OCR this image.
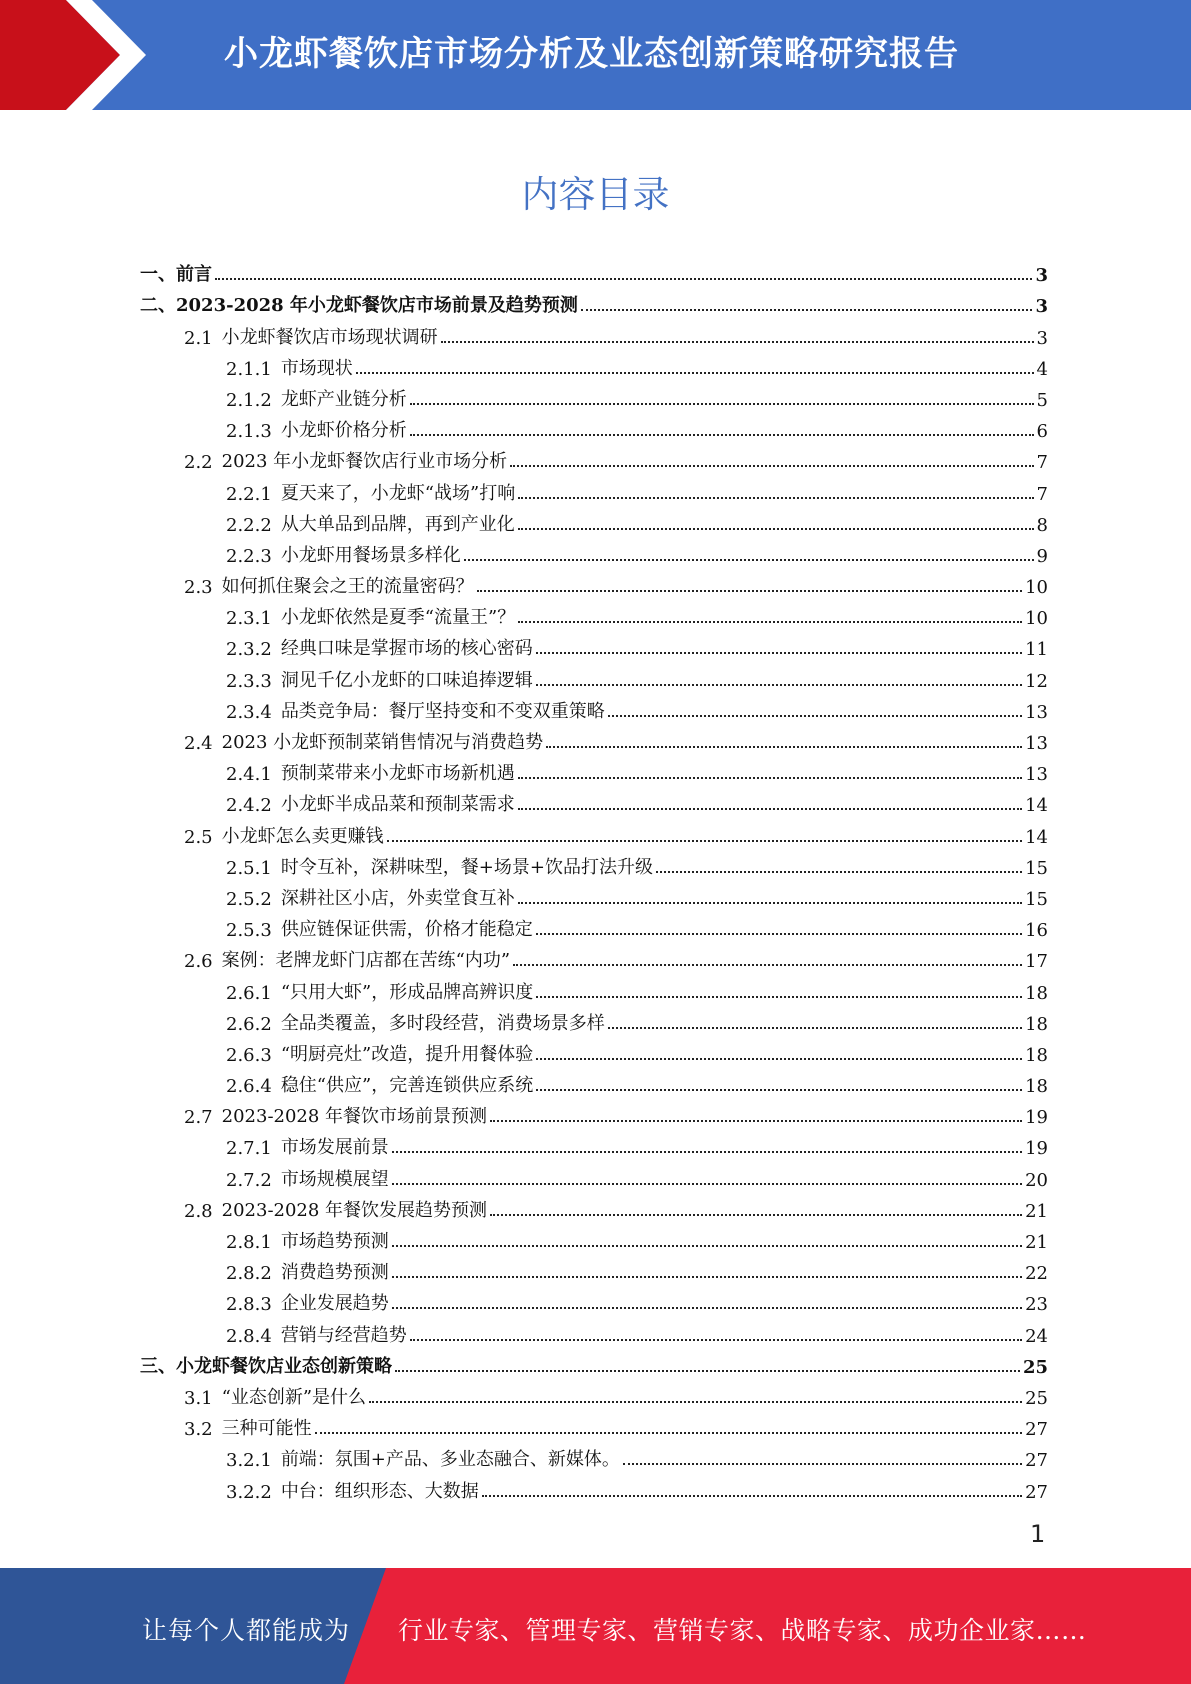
小龙虾餐饮店市场分析及业态创新策略研究报告
内容目录
一、 前言	3
二、 2023-2028 年小龙虾餐饮店市场前景及趋势预测	3
2.1 小龙虾餐饮店市场现状调研	3
2.1.1 市场现状	4
2.1.2 龙虾产业链分析	5
2.1.3 小龙虾价格分析	6
2.2 2023 年小龙虾餐饮店行业市场分析	7
2.2.1 夏天来了，小龙虾“战场”打响	7
2.2.2 从大单品到品牌，再到产业化	8
2.2.3 小龙虾用餐场景多样化	9
2.3 如何抓住聚会之王的流量密码？	10
2.3.1 小龙虾依然是夏季“流量王”？	10
2.3.2 经典口味是掌握市场的核心密码	11
2.3.3 洞见千亿小龙虾的口味追捧逻辑	12
2.3.4 品类竞争局：餐厅坚持变和不变双重策略	13
2.4 2023 小龙虾预制菜销售情况与消费趋势	13
2.4.1 预制菜带来小龙虾市场新机遇	13
2.4.2 小龙虾半成品菜和预制菜需求	14
2.5 小龙虾怎么卖更赚钱	14
2.5.1 时令互补，深耕味型，餐+场景+饮品打法升级	15
2.5.2 深耕社区小店，外卖堂食互补	15
2.5.3 供应链保证供需，价格才能稳定	16
2.6 案例：老牌龙虾门店都在苦练“内功”	17
2.6.1 “只用大虾”，形成品牌高辨识度	18
2.6.2 全品类覆盖，多时段经营，消费场景多样	18
2.6.3 “明厨亮灶”改造，提升用餐体验	18
2.6.4 稳住“供应”，完善连锁供应系统	18
2.7 2023-2028 年餐饮市场前景预测	19
2.7.1 市场发展前景	19
2.7.2 市场规模展望	20
2.8 2023-2028 年餐饮发展趋势预测	21
2.8.1 市场趋势预测	21
2.8.2 消费趋势预测	22
2.8.3 企业发展趋势	23
2.8.4 营销与经营趋势	24
三、 小龙虾餐饮店业态创新策略	25
3.1 “业态创新”是什么	25
3.2 三种可能性	27
3.2.1 前端：氛围+产品、多业态融合、新媒体。	27
3.2.2 中台：组织形态、大数据	27
1
让每个人都能成为 行业专家、管理专家、营销专家、战略专家、成功企业家……
